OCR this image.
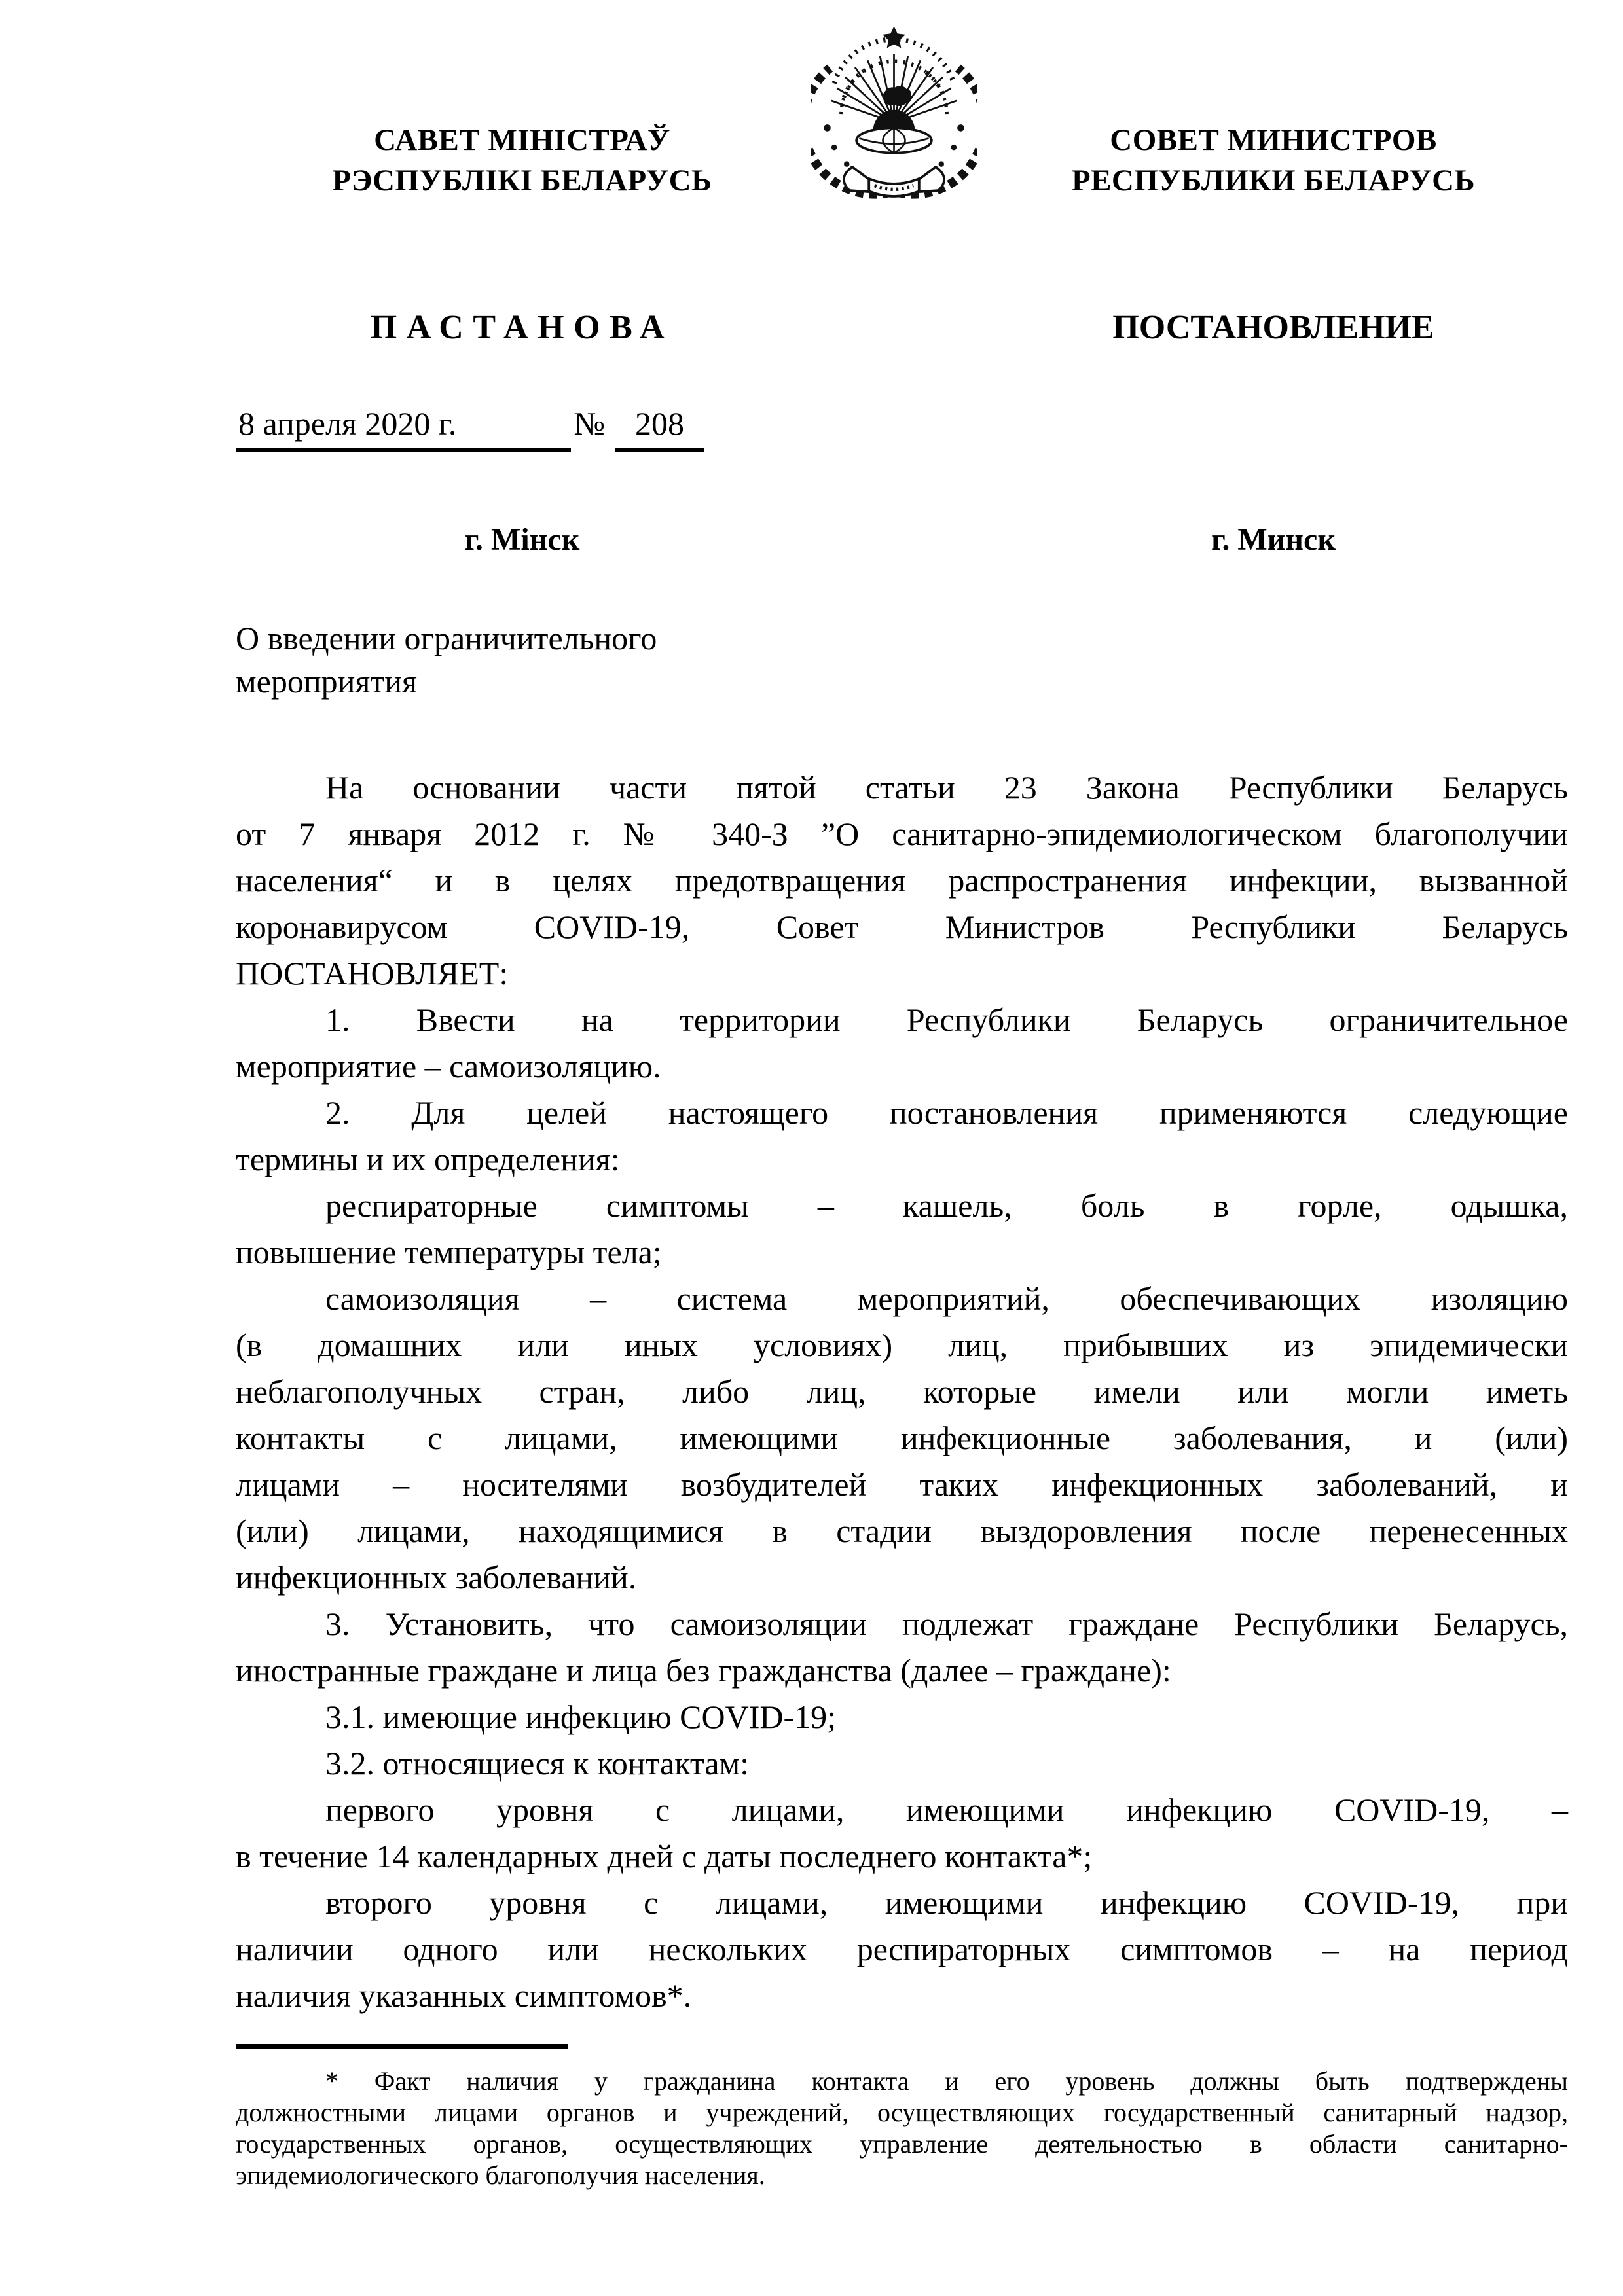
САВЕТ МІНІСТРАЎ
РЭСПУБЛІКІ БЕЛАРУСЬ
СОВЕТ МИНИСТРОВ
РЕСПУБЛИКИ БЕЛАРУСЬ
ПАСТАНОВА	ПОСТАНОВЛЕНИЕ
8 апреля 2020 г.	№ 208
г. Мінск	г. Минск
О введении ограничительного мероприятия
На основании части пятой статьи 23 Закона Республики Беларусь
от 7 января 2012 г. № 340-З ”О санитарно-эпидемиологическом благополучии
населения“ и в целях предотвращения распространения инфекции, вызванной
коронавирусом COVID-19, Совет Министров Республики Беларусь
ПОСТАНОВЛЯЕТ:
1. Ввести на территории Республики Беларусь ограничительное
мероприятие – самоизоляцию.
2. Для целей настоящего постановления применяются следующие
термины и их определения:
респираторные симптомы – кашель, боль в горле, одышка,
повышение температуры тела;
самоизоляция – система мероприятий, обеспечивающих изоляцию
(в домашних или иных условиях) лиц, прибывших из эпидемически
неблагополучных стран, либо лиц, которые имели или могли иметь
контакты с лицами, имеющими инфекционные заболевания, и (или)
лицами – носителями возбудителей таких инфекционных заболеваний, и
(или) лицами, находящимися в стадии выздоровления после перенесенных
инфекционных заболеваний.
3. Установить, что самоизоляции подлежат граждане Республики Беларусь,
иностранные граждане и лица без гражданства (далее – граждане):
3.1. имеющие инфекцию COVID-19;
3.2. относящиеся к контактам:
первого уровня с лицами, имеющими инфекцию COVID-19, –
в течение 14 календарных дней с даты последнего контакта*;
второго уровня с лицами, имеющими инфекцию COVID-19, при
наличии одного или нескольких респираторных симптомов – на период
наличия указанных симптомов*.
* Факт наличия у гражданина контакта и его уровень должны быть подтверждены
должностными лицами органов и учреждений, осуществляющих государственный санитарный надзор,
государственных органов, осуществляющих управление деятельностью в области санитарно-
эпидемиологического благополучия населения.
